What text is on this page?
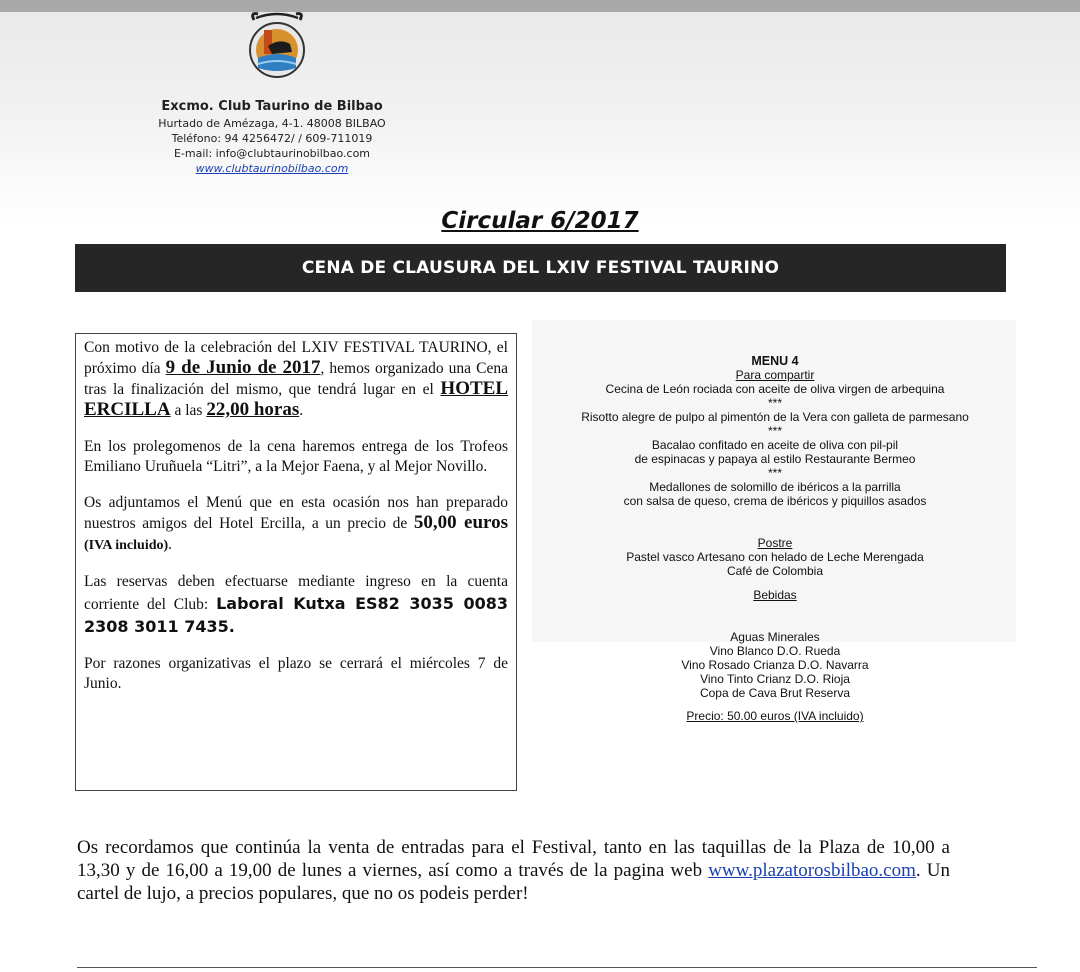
Excmo. Club Taurino de Bilbao
Hurtado de Amézaga, 4-1. 48008 BILBAO
Teléfono: 94 4256472/ / 609-711019
E-mail: info@clubtaurinobilbao.com
www.clubtaurinobilbao.com
Circular 6/2017
CENA DE CLAUSURA DEL LXIV FESTIVAL TAURINO

Con motivo de la celebración del LXIV FESTIVAL TAURINO, el próximo día 9 de Junio de 2017, hemos organizado una Cena tras la finalización del mismo, que tendrá lugar en el HOTEL ERCILLA a las 22,00 horas.

En los prolegomenos de la cena haremos entrega de los Trofeos Emiliano Uruñuela “Litri”, a la Mejor Faena, y al Mejor Novillo.

Os adjuntamos el Menú que en esta ocasión nos han preparado nuestros amigos del Hotel Ercilla, a un precio de 50,00 euros (IVA incluido).

Las reservas deben efectuarse mediante ingreso en la cuenta corriente del Club: Laboral Kutxa ES82 3035 0083 2308 3011 7435.

Por razones organizativas el plazo se cerrará el miércoles 7 de Junio.

MENU 4
Para compartir
Cecina de León rociada con aceite de oliva virgen de arbequina
***
Risotto alegre de pulpo al pimentón de la Vera con galleta de parmesano
***
Bacalao confitado en aceite de oliva con pil-pil
de espinacas y papaya al estilo Restaurante Bermeo
***
Medallones de solomillo de ibéricos a la parrilla
con salsa de queso, crema de ibéricos y piquillos asados
Postre
Pastel vasco Artesano con helado de Leche Merengada
Café de Colombia
Bebidas
Aguas Minerales
Vino Blanco D.O. Rueda
Vino Rosado Crianza D.O. Navarra
Vino Tinto Crianz D.O. Rioja
Copa de Cava Brut Reserva
Precio: 50.00 euros (IVA incluido)
Os recordamos que continúa la venta de entradas para el Festival, tanto en las taquillas de la Plaza de 10,00 a 13,30 y de 16,00 a 19,00 de lunes a viernes, así como a través de la pagina web www.plazatorosbilbao.com. Un cartel de lujo, a precios populares, que no os podeis perder!
